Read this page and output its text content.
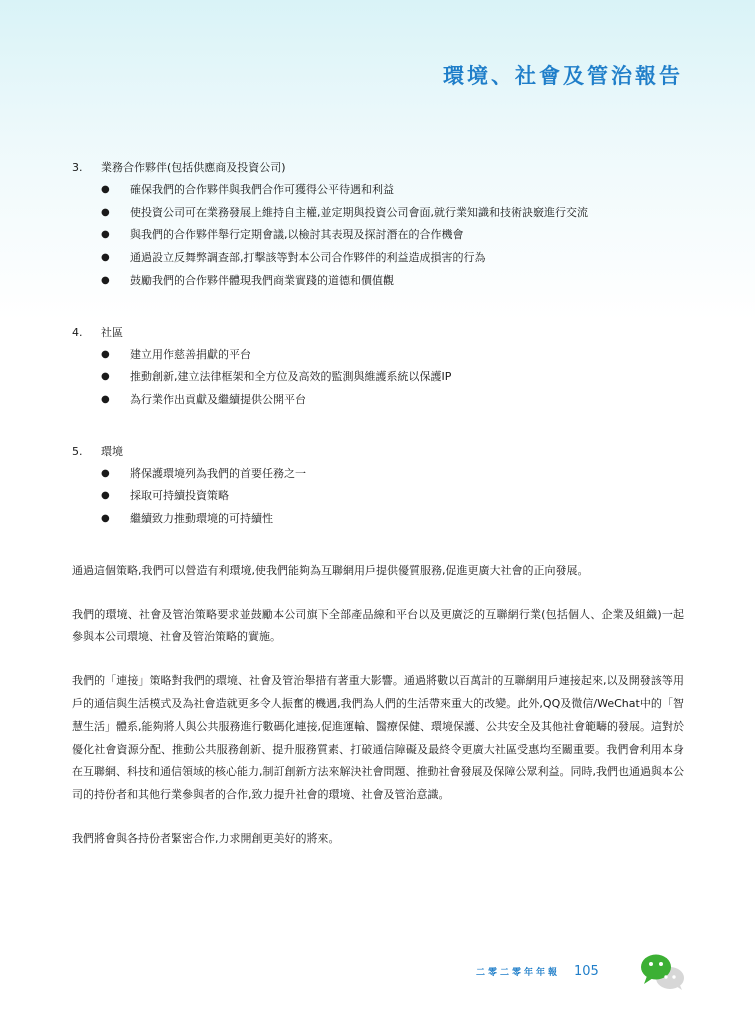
環境、社會及管治報告
3.	業務合作夥伴(包括供應商及投資公司)
●	確保我們的合作夥伴與我們合作可獲得公平待遇和利益
●	使投資公司可在業務發展上維持自主權,並定期與投資公司會面,就行業知識和技術訣竅進行交流
●	與我們的合作夥伴舉行定期會議,以檢討其表現及探討潛在的合作機會
●	通過設立反舞弊調查部,打擊該等對本公司合作夥伴的利益造成損害的行為
●	鼓勵我們的合作夥伴體現我們商業實踐的道德和價值觀
4.	社區
●	建立用作慈善捐獻的平台
●	推動創新,建立法律框架和全方位及高效的監測與維護系統以保護IP
●	為行業作出貢獻及繼續提供公開平台
5.	環境
●	將保護環境列為我們的首要任務之一
●	採取可持續投資策略
●	繼續致力推動環境的可持續性

通過這個策略,我們可以營造有利環境,使我們能夠為互聯網用戶提供優質服務,促進更廣大社會的正向發展。

我們的環境、社會及管治策略要求並鼓勵本公司旗下全部產品線和平台以及更廣泛的互聯網行業(包括個人、企業及組織)一起參與本公司環境、社會及管治策略的實施。

我們的「連接」策略對我們的環境、社會及管治舉措有著重大影響。通過將數以百萬計的互聯網用戶連接起來,以及開發該等用戶的通信與生活模式及為社會造就更多令人振奮的機遇,我們為人們的生活帶來重大的改變。此外,QQ及微信/WeChat中的「智慧生活」體系,能夠將人與公共服務進行數碼化連接,促進運輸、醫療保健、環境保護、公共安全及其他社會範疇的發展。這對於優化社會資源分配、推動公共服務創新、提升服務質素、打破通信障礙及最終令更廣大社區受惠均至關重要。我們會利用本身在互聯網、科技和通信領域的核心能力,制訂創新方法來解決社會問題、推動社會發展及保障公眾利益。同時,我們也通過與本公司的持份者和其他行業參與者的合作,致力提升社會的環境、社會及管治意識。

我們將會與各持份者緊密合作,力求開創更美好的將來。

二零二零年年報 105
